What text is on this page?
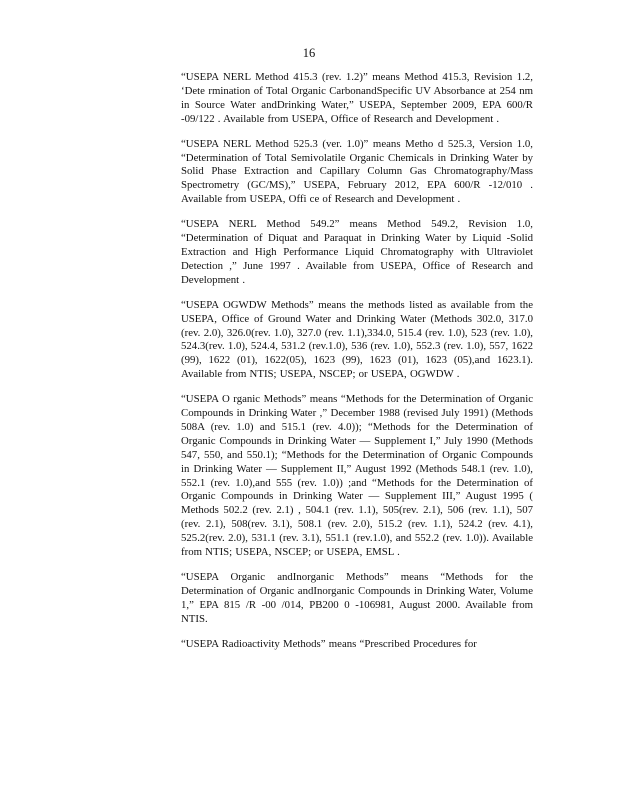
16

“USEPA NERL Method 415.3 (rev. 1.2)” means Method 415.3, Revision 1.2, ‘Dete rmination of Total Organic CarbonandSpecific UV Absorbance at 254 nm in Source Water andDrinking Water,” USEPA, September 2009, EPA 600/R -09/122 . Available from USEPA, Office of Research and Development .

“USEPA NERL Method 525.3 (ver. 1.0)” means Metho d 525.3, Version 1.0, “Determination of Total Semivolatile Organic Chemicals in Drinking Water by Solid Phase Extraction and Capillary Column Gas Chromatography/Mass Spectrometry (GC/MS),” USEPA, February 2012, EPA 600/R -12/010 . Available from USEPA, Offi ce of Research and Development .

“USEPA NERL Method 549.2” means Method 549.2, Revision 1.0, “Determination of Diquat and Paraquat in Drinking Water by Liquid -Solid Extraction and High Performance Liquid Chromatography with Ultraviolet Detection ,” June 1997 . Available from USEPA, Office of Research and Development .

“USEPA OGWDW Methods” means the methods listed as available from the USEPA, Office of Ground Water and Drinking Water (Methods 302.0, 317.0 (rev. 2.0), 326.0(rev. 1.0), 327.0 (rev. 1.1),334.0, 515.4 (rev. 1.0), 523 (rev. 1.0), 524.3(rev. 1.0), 524.4, 531.2 (rev.1.0), 536 (rev. 1.0), 552.3 (rev. 1.0), 557, 1622 (99), 1622 (01), 1622(05), 1623 (99), 1623 (01), 1623 (05),and 1623.1). Available from NTIS; USEPA, NSCEP; or USEPA, OGWDW .

“USEPA O rganic Methods” means “Methods for the Determination of Organic Compounds in Drinking Water ,” December 1988 (revised July 1991) (Methods 508A (rev. 1.0) and 515.1 (rev. 4.0)); “Methods for the Determination of Organic Compounds in Drinking Water — Supplement I,” July 1990 (Methods 547, 550, and 550.1); “Methods for the Determination of Organic Compounds in Drinking Water — Supplement II,” August 1992 (Methods 548.1 (rev. 1.0), 552.1 (rev. 1.0),and 555 (rev. 1.0)) ;and “Methods for the Determination of Organic Compounds in Drinking Water — Supplement III,” August 1995 ( Methods 502.2 (rev. 2.1) , 504.1 (rev. 1.1), 505(rev. 2.1), 506 (rev. 1.1), 507 (rev. 2.1), 508(rev. 3.1), 508.1 (rev. 2.0), 515.2 (rev. 1.1), 524.2 (rev. 4.1), 525.2(rev. 2.0), 531.1 (rev. 3.1), 551.1 (rev.1.0), and 552.2 (rev. 1.0)). Available from NTIS; USEPA, NSCEP; or USEPA, EMSL .

“USEPA Organic andInorganic Methods” means “Methods for the Determination of Organic andInorganic Compounds in Drinking Water, Volume 1,” EPA 815 /R -00 /014, PB200 0 -106981, August 2000. Available from NTIS.

“USEPA Radioactivity Methods” means “Prescribed Procedures for
